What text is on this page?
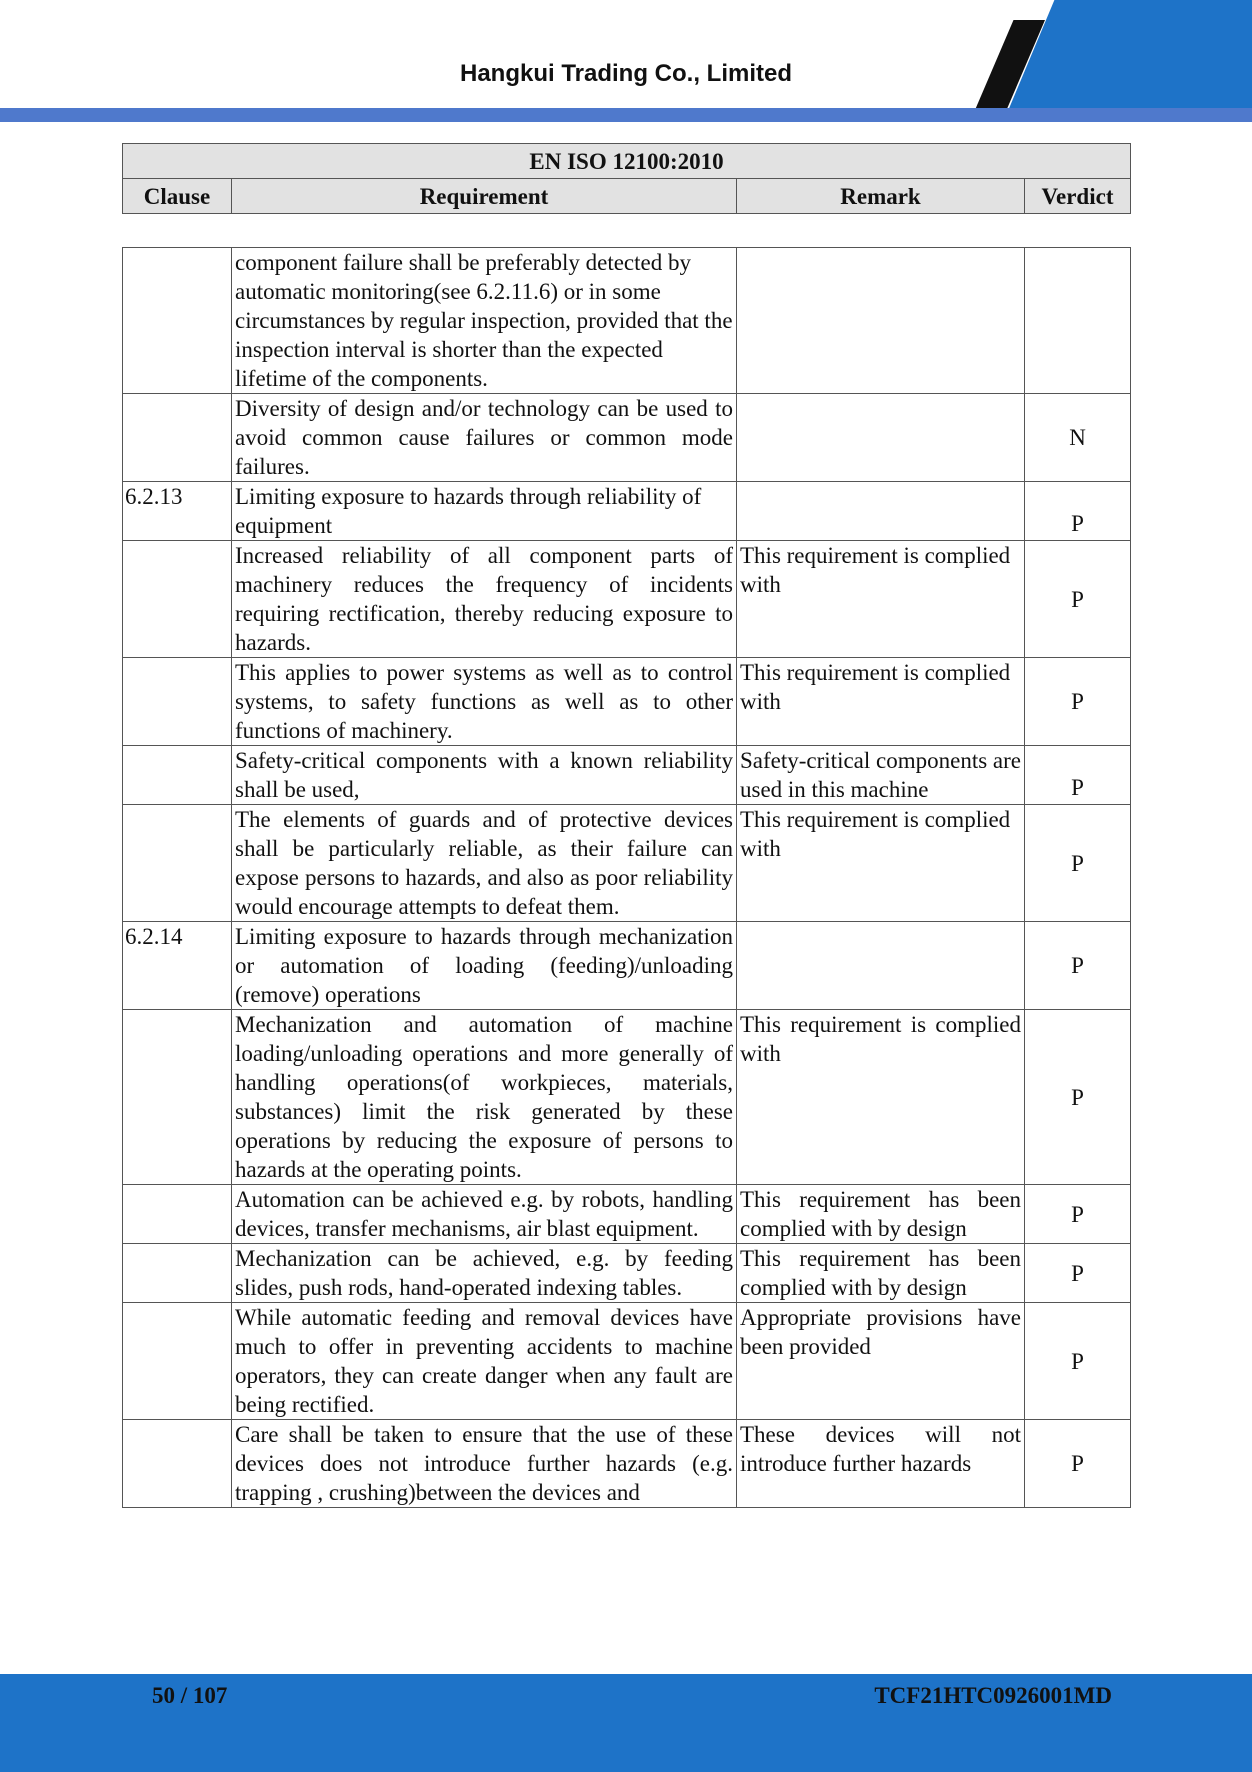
Hangkui Trading Co., Limited
EN ISO 12100:2010
Clause	Requirement	Remark	Verdict
	component failure shall be preferably detected by automatic monitoring(see 6.2.11.6) or in some circumstances by regular inspection, provided that the inspection interval is shorter than the expected lifetime of the components.		
	Diversity of design and/or technology can be used to avoid common cause failures or common mode failures.		N
6.2.13	Limiting exposure to hazards through reliability of equipment		P
	Increased reliability of all component parts of machinery reduces the frequency of incidents requiring rectification, thereby reducing exposure to hazards.	This requirement is complied with	P
	This applies to power systems as well as to control systems, to safety functions as well as to other functions of machinery.	This requirement is complied with	P
	Safety-critical components with a known reliability shall be used,	Safety-critical components are used in this machine	P
	The elements of guards and of protective devices shall be particularly reliable, as their failure can expose persons to hazards, and also as poor reliability would encourage attempts to defeat them.	This requirement is complied with	P
6.2.14	Limiting exposure to hazards through mechanization or automation of loading (feeding)/unloading (remove) operations		P
	Mechanization and automation of machine loading/unloading operations and more generally of handling operations(of workpieces, materials, substances) limit the risk generated by these operations by reducing the exposure of persons to hazards at the operating points.	This requirement is complied with	P
	Automation can be achieved e.g. by robots, handling devices, transfer mechanisms, air blast equipment.	This requirement has been complied with by design	P
	Mechanization can be achieved, e.g. by feeding slides, push rods, hand-operated indexing tables.	This requirement has been complied with by design	P
	While automatic feeding and removal devices have much to offer in preventing accidents to machine operators, they can create danger when any fault are being rectified.	Appropriate provisions have been provided	P
	Care shall be taken to ensure that the use of these devices does not introduce further hazards (e.g. trapping , crushing)between the devices and	These devices will not introduce further hazards	P
50 / 107	TCF21HTC0926001MD
